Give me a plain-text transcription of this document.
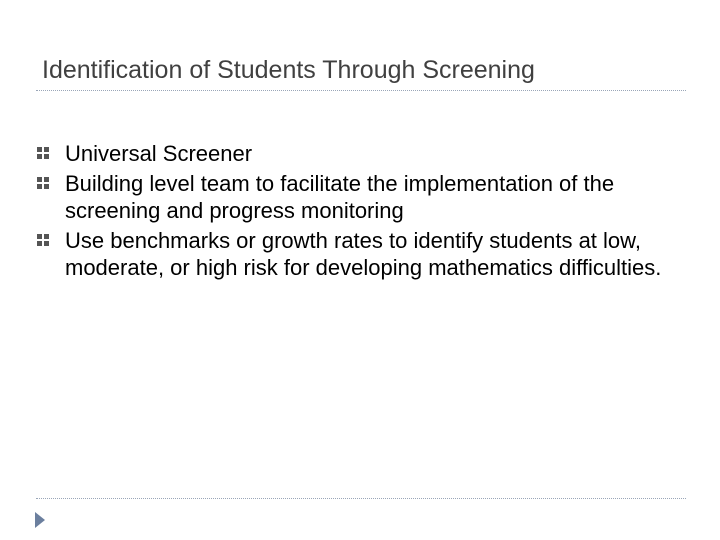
Identification of Students Through Screening
Universal Screener
Building level team to facilitate the implementation of the screening and progress monitoring
Use benchmarks or growth rates to identify students at low, moderate, or high risk for developing mathematics difficulties.
